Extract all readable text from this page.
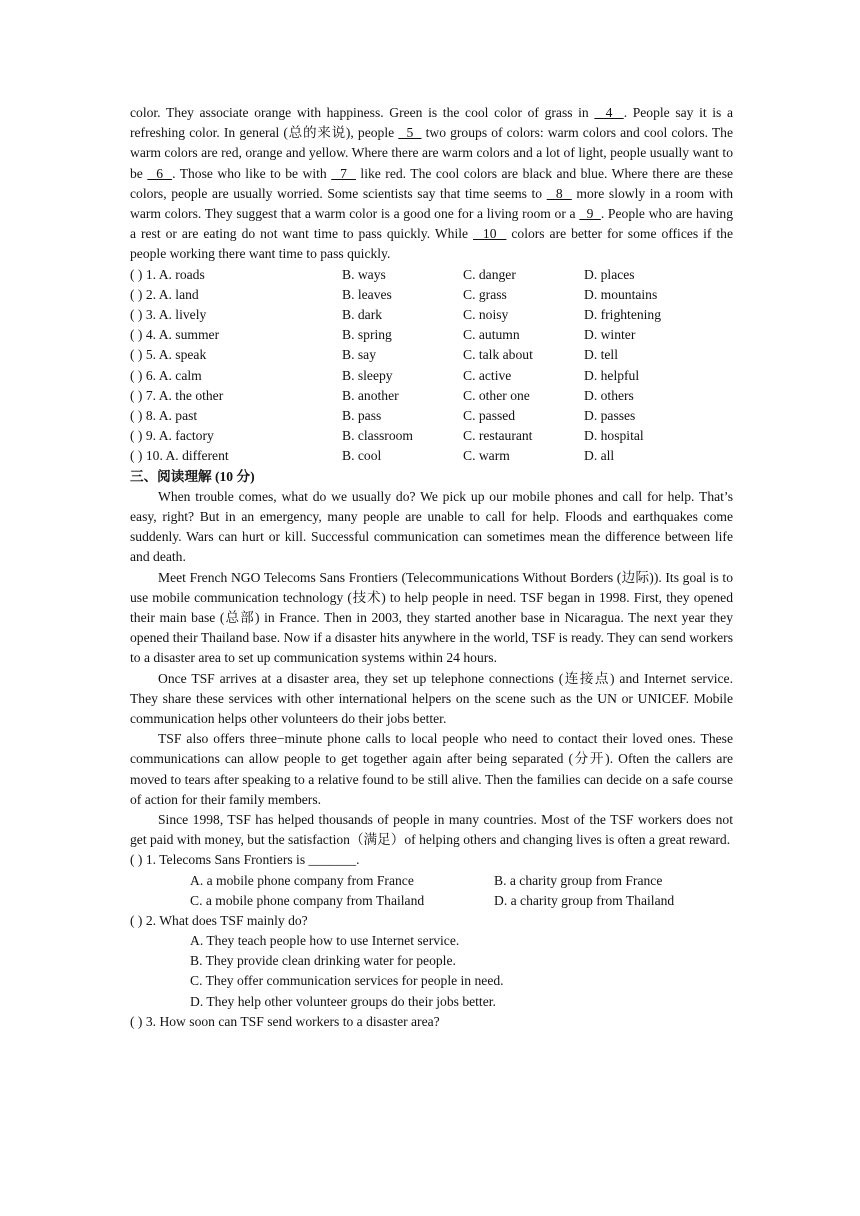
color. They associate orange with happiness. Green is the cool color of grass in   4  . People say it is a refreshing color. In general (总的来说), people   5   two groups of colors: warm colors and cool colors. The warm colors are red, orange and yellow. Where there are warm colors and a lot of light, people usually want to be   6  . Those who like to be with   7   like red. The cool colors are black and blue. Where there are these colors, people are usually worried. Some scientists say that time seems to   8   more slowly in a room with warm colors. They suggest that a warm color is a good one for a living room or a   9  . People who are having a rest or are eating do not want time to pass quickly. While   10   colors are better for some offices if the people working there want time to pass quickly.

( ) 1. A. roads	B. ways	C. danger	D. places
( ) 2. A. land	B. leaves	C. grass	D. mountains
( ) 3. A. lively	B. dark	C. noisy	D. frightening
( ) 4. A. summer	B. spring	C. autumn	D. winter
( ) 5. A. speak	B. say	C. talk about	D. tell
( ) 6. A. calm	B. sleepy	C. active	D. helpful
( ) 7. A. the other	B. another	C. other one	D. others
( ) 8. A. past	B. pass	C. passed	D. passes
( ) 9. A. factory	B. classroom	C. restaurant	D. hospital
( ) 10. A. different	B. cool	C. warm	D. all
三、阅读理解 (10 分)

When trouble comes, what do we usually do? We pick up our mobile phones and call for help. That’s easy, right? But in an emergency, many people are unable to call for help. Floods and earthquakes come suddenly. Wars can hurt or kill. Successful communication can sometimes mean the difference between life and death.

Meet French NGO Telecoms Sans Frontiers (Telecommunications Without Borders (边际)). Its goal is to use mobile communication technology (技术) to help people in need. TSF began in 1998. First, they opened their main base (总部) in France. Then in 2003, they started another base in Nicaragua. The next year they opened their Thailand base. Now if a disaster hits anywhere in the world, TSF is ready. They can send workers to a disaster area to set up communication systems within 24 hours.

Once TSF arrives at a disaster area, they set up telephone connections (连接点) and Internet service. They share these services with other international helpers on the scene such as the UN or UNICEF. Mobile communication helps other volunteers do their jobs better.

TSF also offers three−minute phone calls to local people who need to contact their loved ones. These communications can allow people to get together again after being separated (分开). Often the callers are moved to tears after speaking to a relative found to be still alive. Then the families can decide on a safe course of action for their family members.

Since 1998, TSF has helped thousands of people in many countries. Most of the TSF workers does not get paid with money, but the satisfaction（满足）of helping others and changing lives is often a great reward.

( ) 1. Telecoms Sans Frontiers is _______.
A. a mobile phone company from France	B. a charity group from France
C. a mobile phone company from Thailand	D. a charity group from Thailand
( ) 2. What does TSF mainly do?
A. They teach people how to use Internet service.
B. They provide clean drinking water for people.
C. They offer communication services for people in need.
D. They help other volunteer groups do their jobs better.
( ) 3. How soon can TSF send workers to a disaster area?
